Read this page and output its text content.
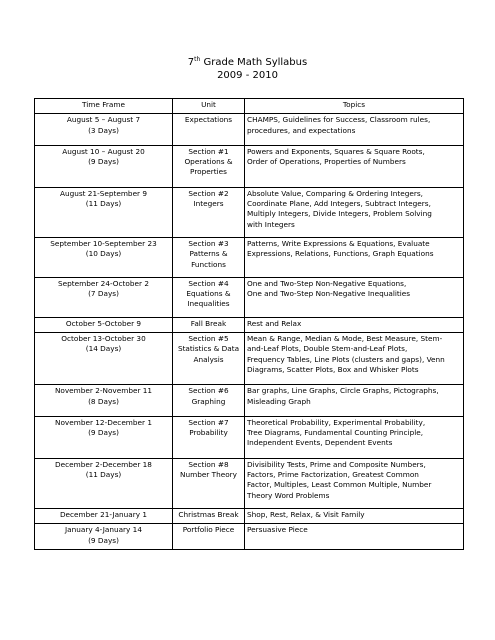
7th Grade Math Syllabus
2009 - 2010
Time Frame	Unit	Topics

August 5 – August 7
(3 Days)	Expectations	CHAMPS, Guidelines for Success, Classroom rules,
procedures, and expectations

August 10 – August 20
(9 Days)	Section #1
Operations &
Properties	Powers and Exponents, Squares & Square Roots,
Order of Operations, Properties of Numbers

August 21-September 9
(11 Days)	Section #2
Integers	Absolute Value, Comparing & Ordering Integers,
Coordinate Plane, Add Integers, Subtract Integers,
Multiply Integers, Divide Integers, Problem Solving
with Integers

September 10-September 23
(10 Days)	Section #3
Patterns &
Functions	Patterns, Write Expressions & Equations, Evaluate
Expressions, Relations, Functions, Graph Equations

September 24-October 2
(7 Days)	Section #4
Equations &
Inequalities	One and Two-Step Non-Negative Equations,
One and Two-Step Non-Negative Inequalities

October 5-October 9	Fall Break	Rest and Relax

October 13-October 30
(14 Days)	Section #5
Statistics & Data
Analysis	Mean & Range, Median & Mode, Best Measure, Stem-
and-Leaf Plots, Double Stem-and-Leaf Plots,
Frequency Tables, Line Plots (clusters and gaps), Venn
Diagrams, Scatter Plots, Box and Whisker Plots

November 2-November 11
(8 Days)	Section #6
Graphing	Bar graphs, Line Graphs, Circle Graphs, Pictographs,
Misleading Graph

November 12-December 1
(9 Days)	Section #7
Probability	Theoretical Probability, Experimental Probability,
Tree Diagrams, Fundamental Counting Principle,
Independent Events, Dependent Events

December 2-December 18
(11 Days)	Section #8
Number Theory	Divisibility Tests, Prime and Composite Numbers,
Factors, Prime Factorization, Greatest Common
Factor, Multiples, Least Common Multiple, Number
Theory Word Problems

December 21-January 1	Christmas Break	Shop, Rest, Relax, & Visit Family

January 4-January 14
(9 Days)	Portfolio Piece	Persuasive Piece
